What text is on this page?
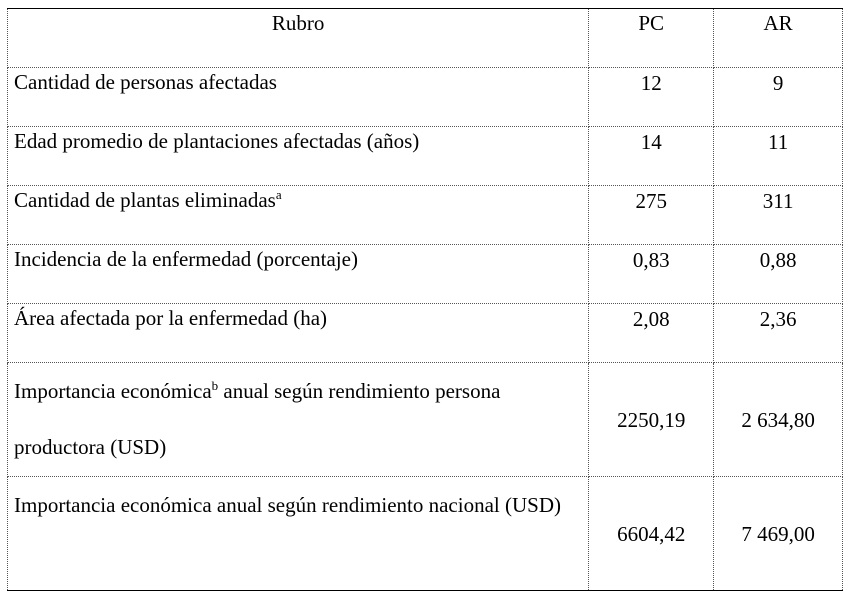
Rubro	PC	AR
Cantidad de personas afectadas	12	9
Edad promedio de plantaciones afectadas (años)	14	11
Cantidad de plantas eliminadas$^a$	275	311
Incidencia de la enfermedad (porcentaje)	0,83	0,88
Área afectada por la enfermedad (ha)	2,08	2,36
Importancia económica$^b$ anual según rendimiento persona productora (USD)	2250,19	2 634,80
Importancia económica anual según rendimiento nacional (USD)	6604,42	7 469,00
